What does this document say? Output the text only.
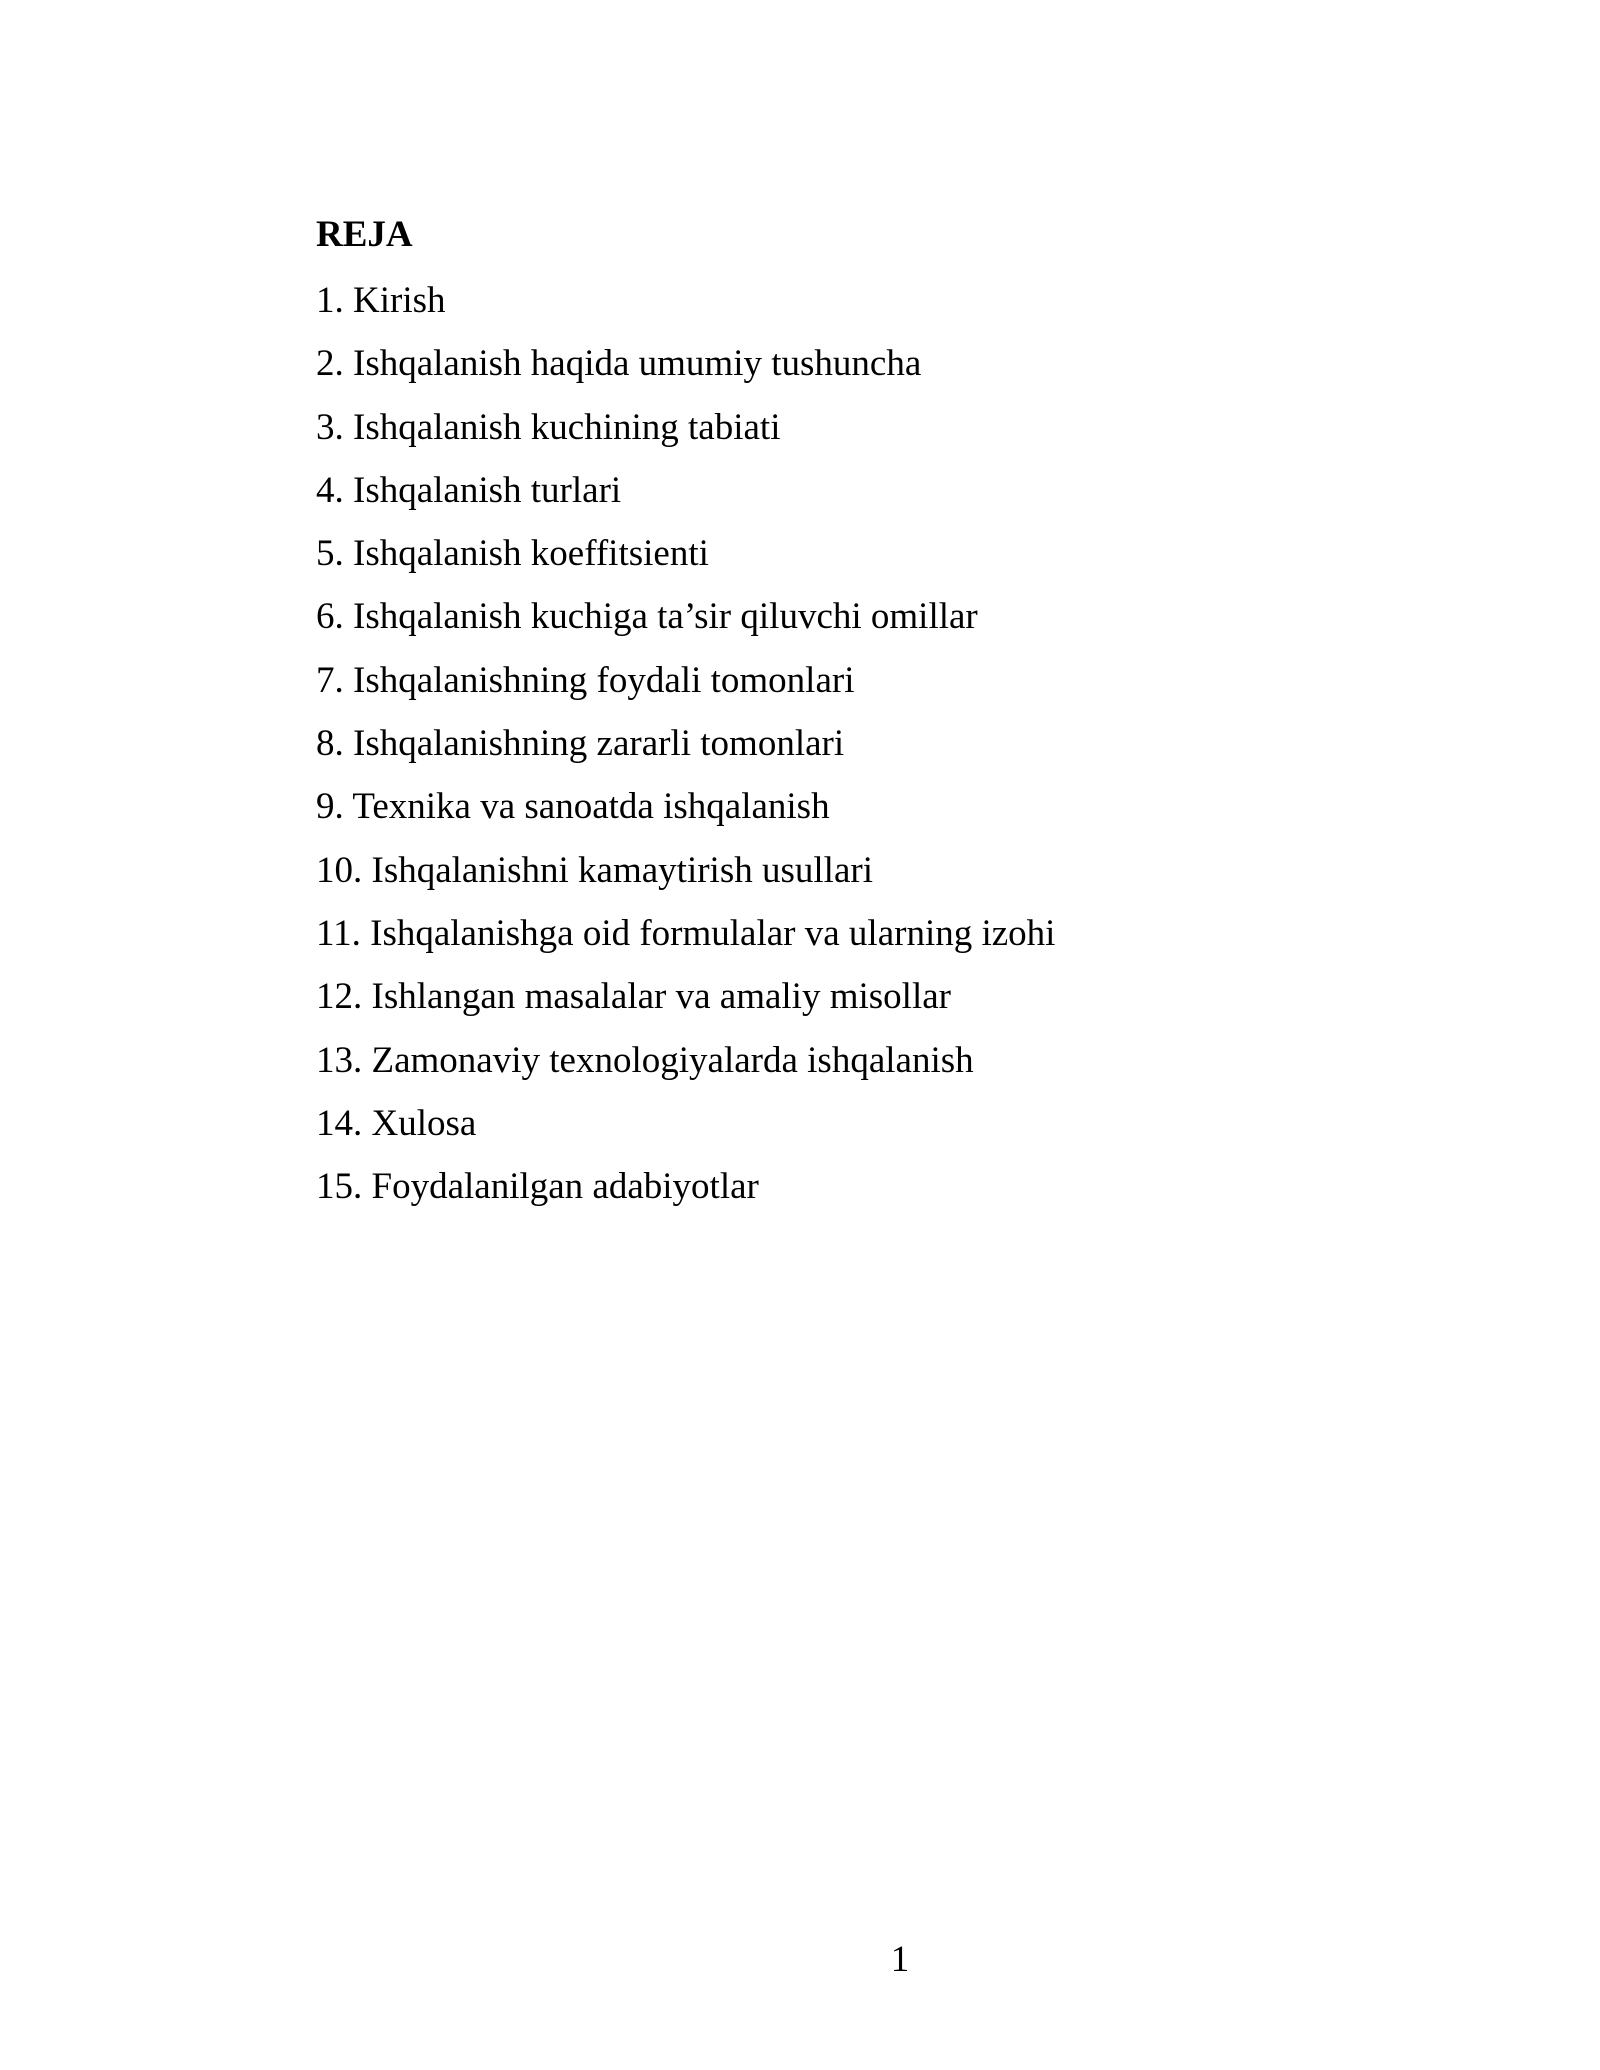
REJA
1. Kirish
2. Ishqalanish haqida umumiy tushuncha
3. Ishqalanish kuchining tabiati
4. Ishqalanish turlari
5. Ishqalanish koeffitsienti
6. Ishqalanish kuchiga ta’sir qiluvchi omillar
7. Ishqalanishning foydali tomonlari
8. Ishqalanishning zararli tomonlari
9. Texnika va sanoatda ishqalanish
10. Ishqalanishni kamaytirish usullari
11. Ishqalanishga oid formulalar va ularning izohi
12. Ishlangan masalalar va amaliy misollar
13. Zamonaviy texnologiyalarda ishqalanish
14. Xulosa
15. Foydalanilgan adabiyotlar
1
